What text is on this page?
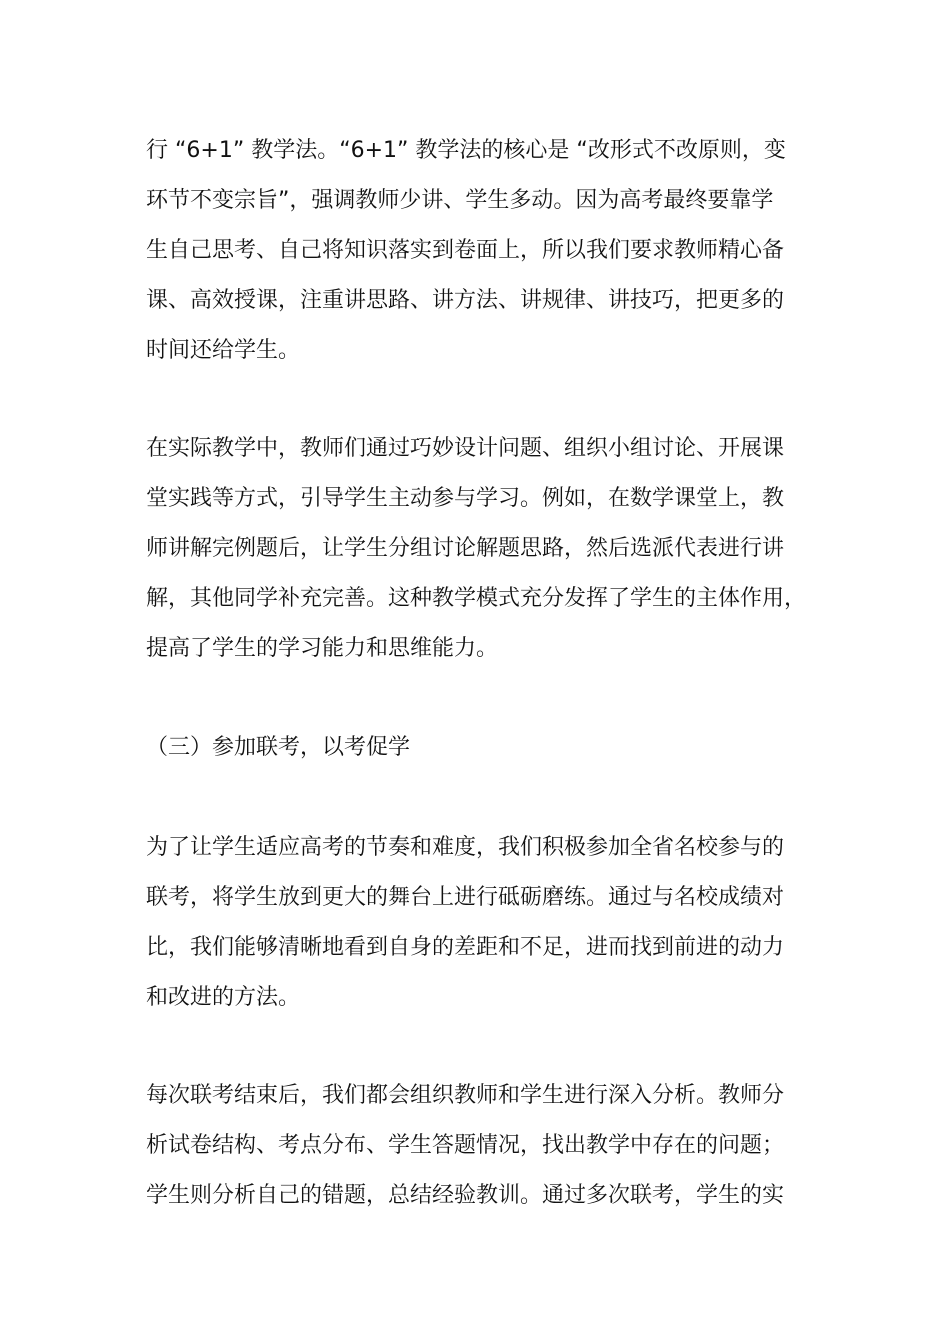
行 “6+1” 教学法。“6+1” 教学法的核心是 “改形式不改原则，变
环节不变宗旨”，强调教师少讲、学生多动。因为高考最终要靠学
生自己思考、自己将知识落实到卷面上，所以我们要求教师精心备
课、高效授课，注重讲思路、讲方法、讲规律、讲技巧，把更多的
时间还给学生。
在实际教学中，教师们通过巧妙设计问题、组织小组讨论、开展课
堂实践等方式，引导学生主动参与学习。例如，在数学课堂上，教
师讲解完例题后，让学生分组讨论解题思路，然后选派代表进行讲
解，其他同学补充完善。这种教学模式充分发挥了学生的主体作用，
提高了学生的学习能力和思维能力。
（三）参加联考，以考促学
为了让学生适应高考的节奏和难度，我们积极参加全省名校参与的
联考，将学生放到更大的舞台上进行砥砺磨练。通过与名校成绩对
比，我们能够清晰地看到自身的差距和不足，进而找到前进的动力
和改进的方法。
每次联考结束后，我们都会组织教师和学生进行深入分析。教师分
析试卷结构、考点分布、学生答题情况，找出教学中存在的问题；
学生则分析自己的错题，总结经验教训。通过多次联考，学生的实
